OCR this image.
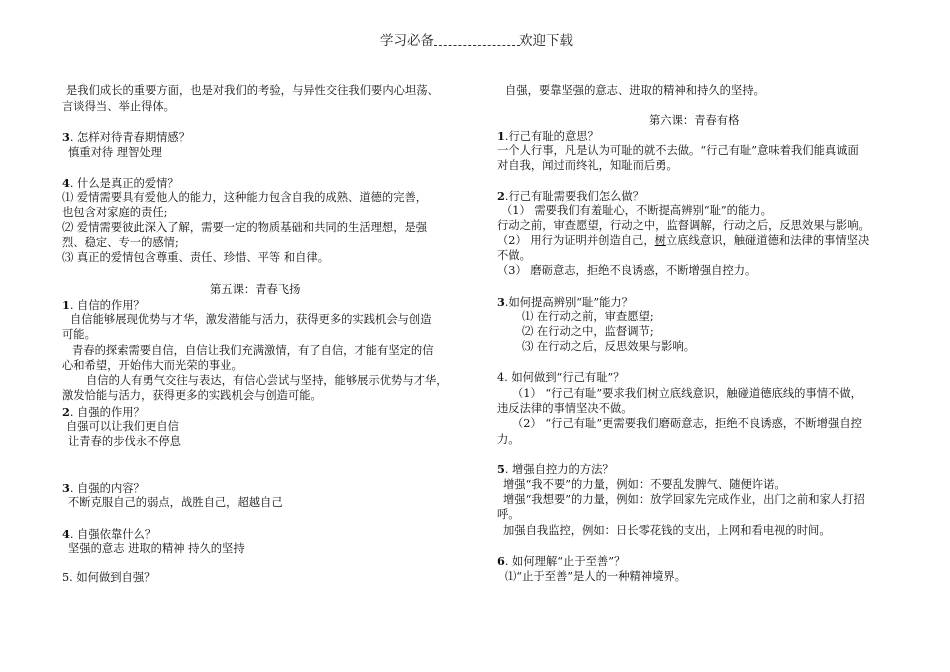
学习必备	欢迎下载
是我们成长的重要方面，也是对我们的考验，与异性交往我们要内心坦荡、
言谈得当、举止得体。
3. 怎样对待青春期情感？
慎重对待 理智处理
4. 什么是真正的爱情？
⑴ 爱情需要具有爱他人的能力，这种能力包含自我的成熟、道德的完善，
也包含对家庭的责任;
⑵ 爱情需要彼此深入了解，需要一定的物质基础和共同的生活理想，是强
烈、稳定、专一的感情;
⑶ 真正的爱情包含尊重、责任、珍惜、平等 和自律。
第五课：青春飞扬
1. 自信的作用？
自信能够展现优势与才华，激发潜能与活力，获得更多的实践机会与创造
可能。
青春的探索需要自信，自信让我们充满激情，有了自信，才能有坚定的信
心和希望，开始伟大而光荣的事业。
自信的人有勇气交往与表达，有信心尝试与坚持，能够展示优势与才华，
激发恰能与活力，获得更多的实践机会与创造可能。
2. 自强的作用？
自强可以让我们更自信
让青春的步伐永不停息
3. 自强的内容？
不断克服自己的弱点，战胜自己，超越自己
4. 自强依靠什么？
坚强的意志 进取的精神 持久的坚持
5. 如何做到自强？
自强，要靠坚强的意志、进取的精神和持久的坚持。
第六课：青春有格
1.行己有耻的意思？
一个人行事，凡是认为可耻的就不去做。“行己有耻”意味着我们能真诚面
对自我，闻过而终礼，知耻而后勇。
2.行己有耻需要我们怎么做？
（1） 需要我们有羞耻心，不断提高辨别“耻”的能力。
行动之前，审查愿望，行动之中，监督调解，行动之后，反思效果与影响。
（2） 用行为证明并创造自己，树立底线意识，触碰道德和法律的事情坚决
不做。
（3） 磨砺意志，拒绝不良诱惑，不断增强自控力。
3.如何提高辨别“耻”能力？
⑴ 在行动之前，审查愿望;
⑵ 在行动之中，监督调节;
⑶ 在行动之后，反思效果与影响。
4. 如何做到“行己有耻”？
（1） “行己有耻”要求我们树立底线意识，触碰道德底线的事情不做，
违反法律的事情坚决不做。
（2） “行己有耻”更需要我们磨砺意志，拒绝不良诱惑，不断增强自控
力。
5. 增强自控力的方法？
增强“我不要”的力量，例如：不要乱发脾气、随便许诺。
增强“我想要”的力量，例如：放学回家先完成作业，出门之前和家人打招
呼。
加强自我监控，例如：日长零花钱的支出，上网和看电视的时间。
6. 如何理解“止于至善”？
⑴“止于至善”是人的一种精神境界。
